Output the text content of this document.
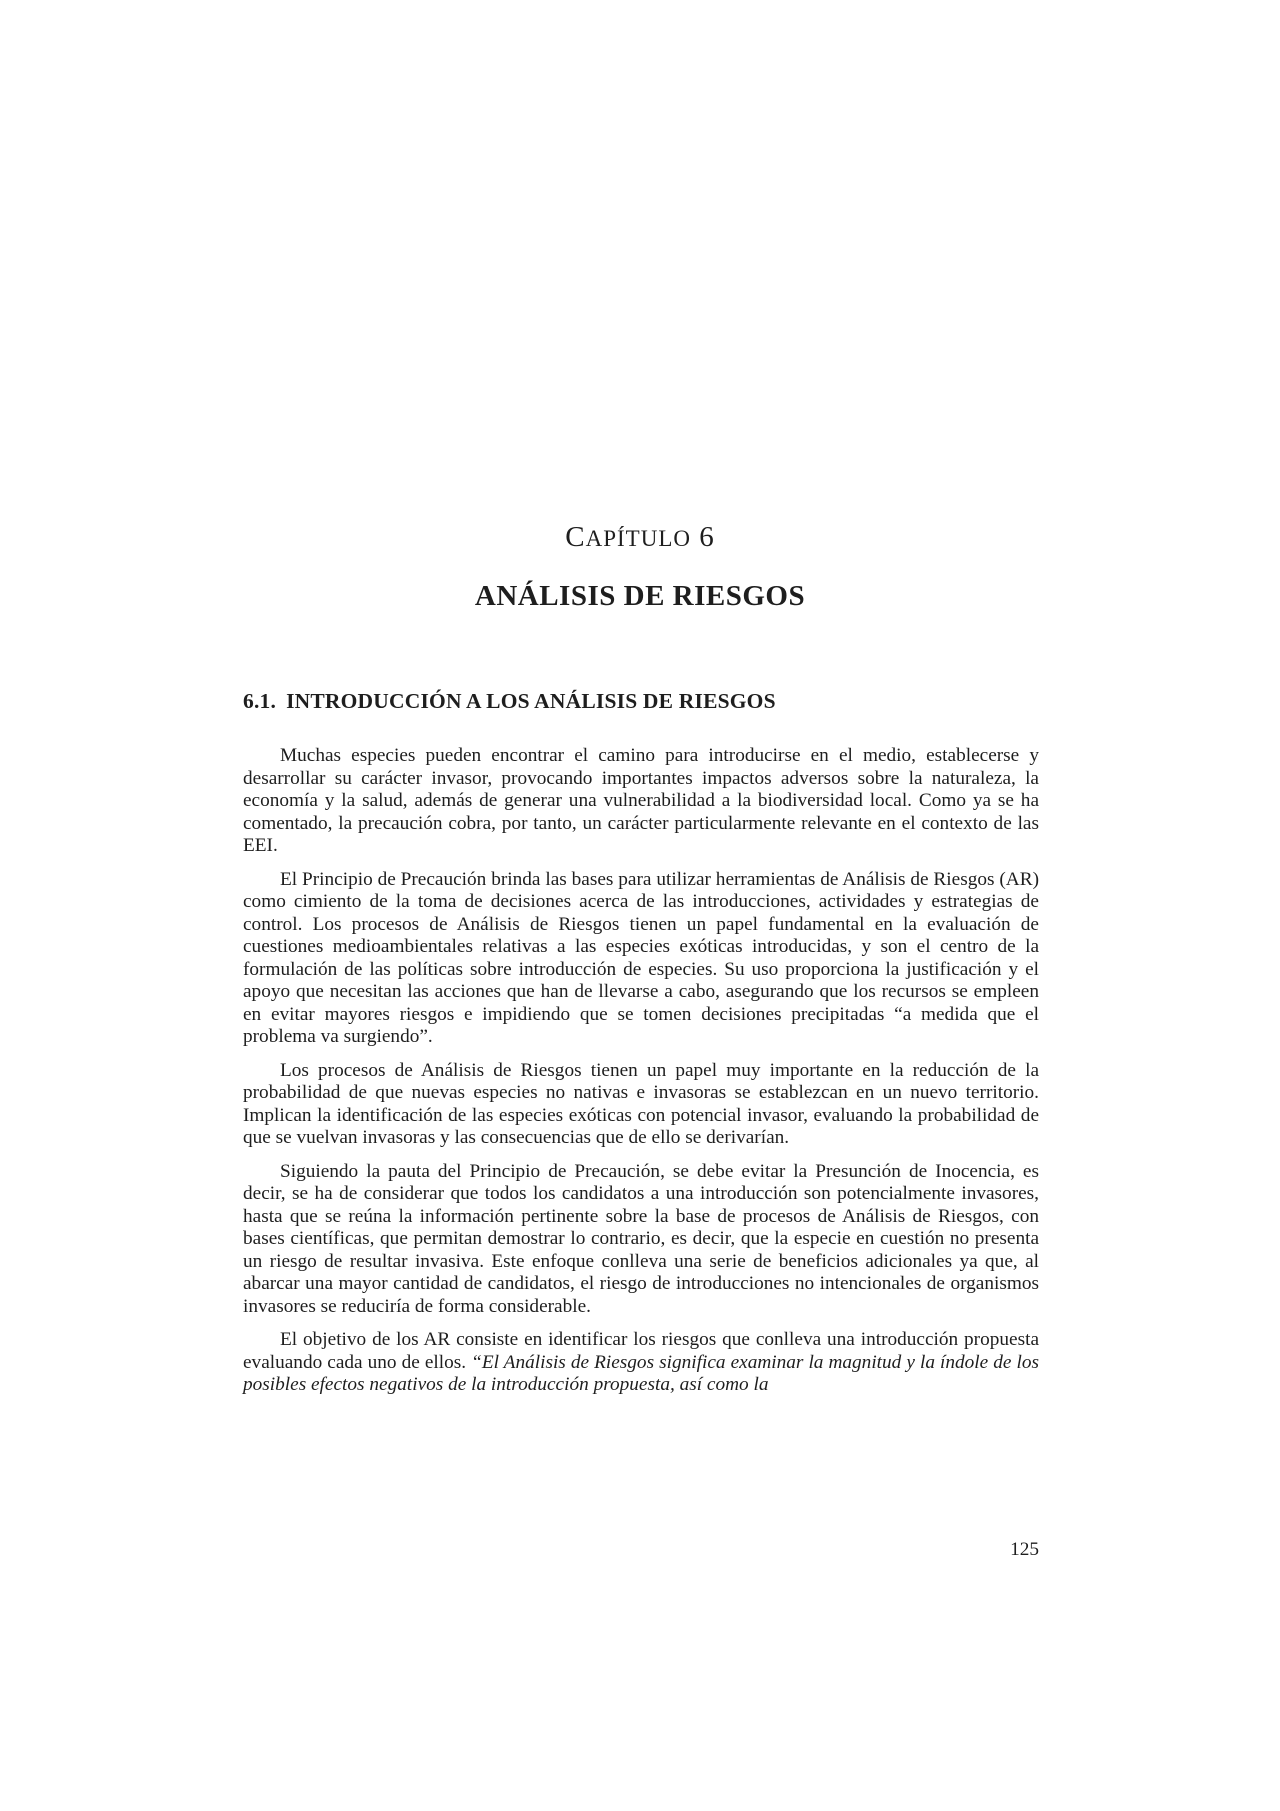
CAPÍTULO 6
ANÁLISIS DE RIESGOS
6.1. INTRODUCCIÓN A LOS ANÁLISIS DE RIESGOS

Muchas especies pueden encontrar el camino para introducirse en el medio, establecerse y desarrollar su carácter invasor, provocando importantes impactos adversos sobre la naturaleza, la economía y la salud, además de generar una vulnerabilidad a la biodiversidad local. Como ya se ha comentado, la precaución cobra, por tanto, un carácter particularmente relevante en el contexto de las EEI.

El Principio de Precaución brinda las bases para utilizar herramientas de Análisis de Riesgos (AR) como cimiento de la toma de decisiones acerca de las introducciones, actividades y estrategias de control. Los procesos de Análisis de Riesgos tienen un papel fundamental en la evaluación de cuestiones medioambientales relativas a las especies exóticas introducidas, y son el centro de la formulación de las políticas sobre introducción de especies. Su uso proporciona la justificación y el apoyo que necesitan las acciones que han de llevarse a cabo, asegurando que los recursos se empleen en evitar mayores riesgos e impidiendo que se tomen decisiones precipitadas “a medida que el problema va surgiendo”.

Los procesos de Análisis de Riesgos tienen un papel muy importante en la reducción de la probabilidad de que nuevas especies no nativas e invasoras se establezcan en un nuevo territorio. Implican la identificación de las especies exóticas con potencial invasor, evaluando la probabilidad de que se vuelvan invasoras y las consecuencias que de ello se derivarían.

Siguiendo la pauta del Principio de Precaución, se debe evitar la Presunción de Inocencia, es decir, se ha de considerar que todos los candidatos a una introducción son potencialmente invasores, hasta que se reúna la información pertinente sobre la base de procesos de Análisis de Riesgos, con bases científicas, que permitan demostrar lo contrario, es decir, que la especie en cuestión no presenta un riesgo de resultar invasiva. Este enfoque conlleva una serie de beneficios adicionales ya que, al abarcar una mayor cantidad de candidatos, el riesgo de introducciones no intencionales de organismos invasores se reduciría de forma considerable.

El objetivo de los AR consiste en identificar los riesgos que conlleva una introducción propuesta evaluando cada uno de ellos. “El Análisis de Riesgos significa examinar la magnitud y la índole de los posibles efectos negativos de la introducción propuesta, así como la

125
